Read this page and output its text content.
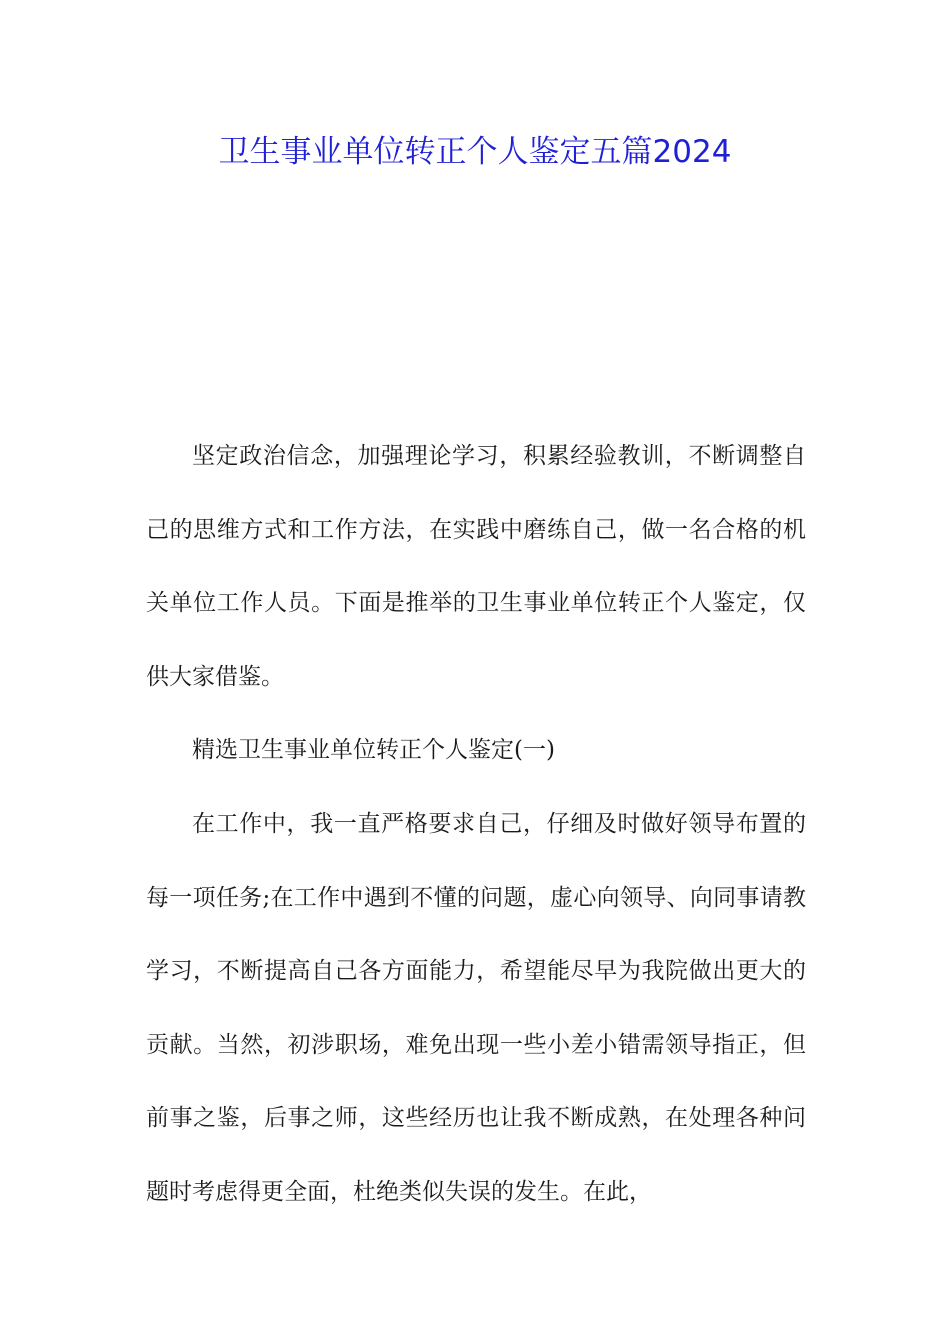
卫生事业单位转正个人鉴定五篇2024

坚定政治信念，加强理论学习，积累经验教训，不断调整自己的思维方式和工作方法，在实践中磨练自己，做一名合格的机关单位工作人员。下面是推举的卫生事业单位转正个人鉴定，仅供大家借鉴。

精选卫生事业单位转正个人鉴定(一)

在工作中，我一直严格要求自己，仔细及时做好领导布置的每一项任务;在工作中遇到不懂的问题，虚心向领导、向同事请教学习，不断提高自己各方面能力，希望能尽早为我院做出更大的贡献。当然，初涉职场，难免出现一些小差小错需领导指正，但前事之鉴，后事之师，这些经历也让我不断成熟，在处理各种问题时考虑得更全面，杜绝类似失误的发生。在此，
